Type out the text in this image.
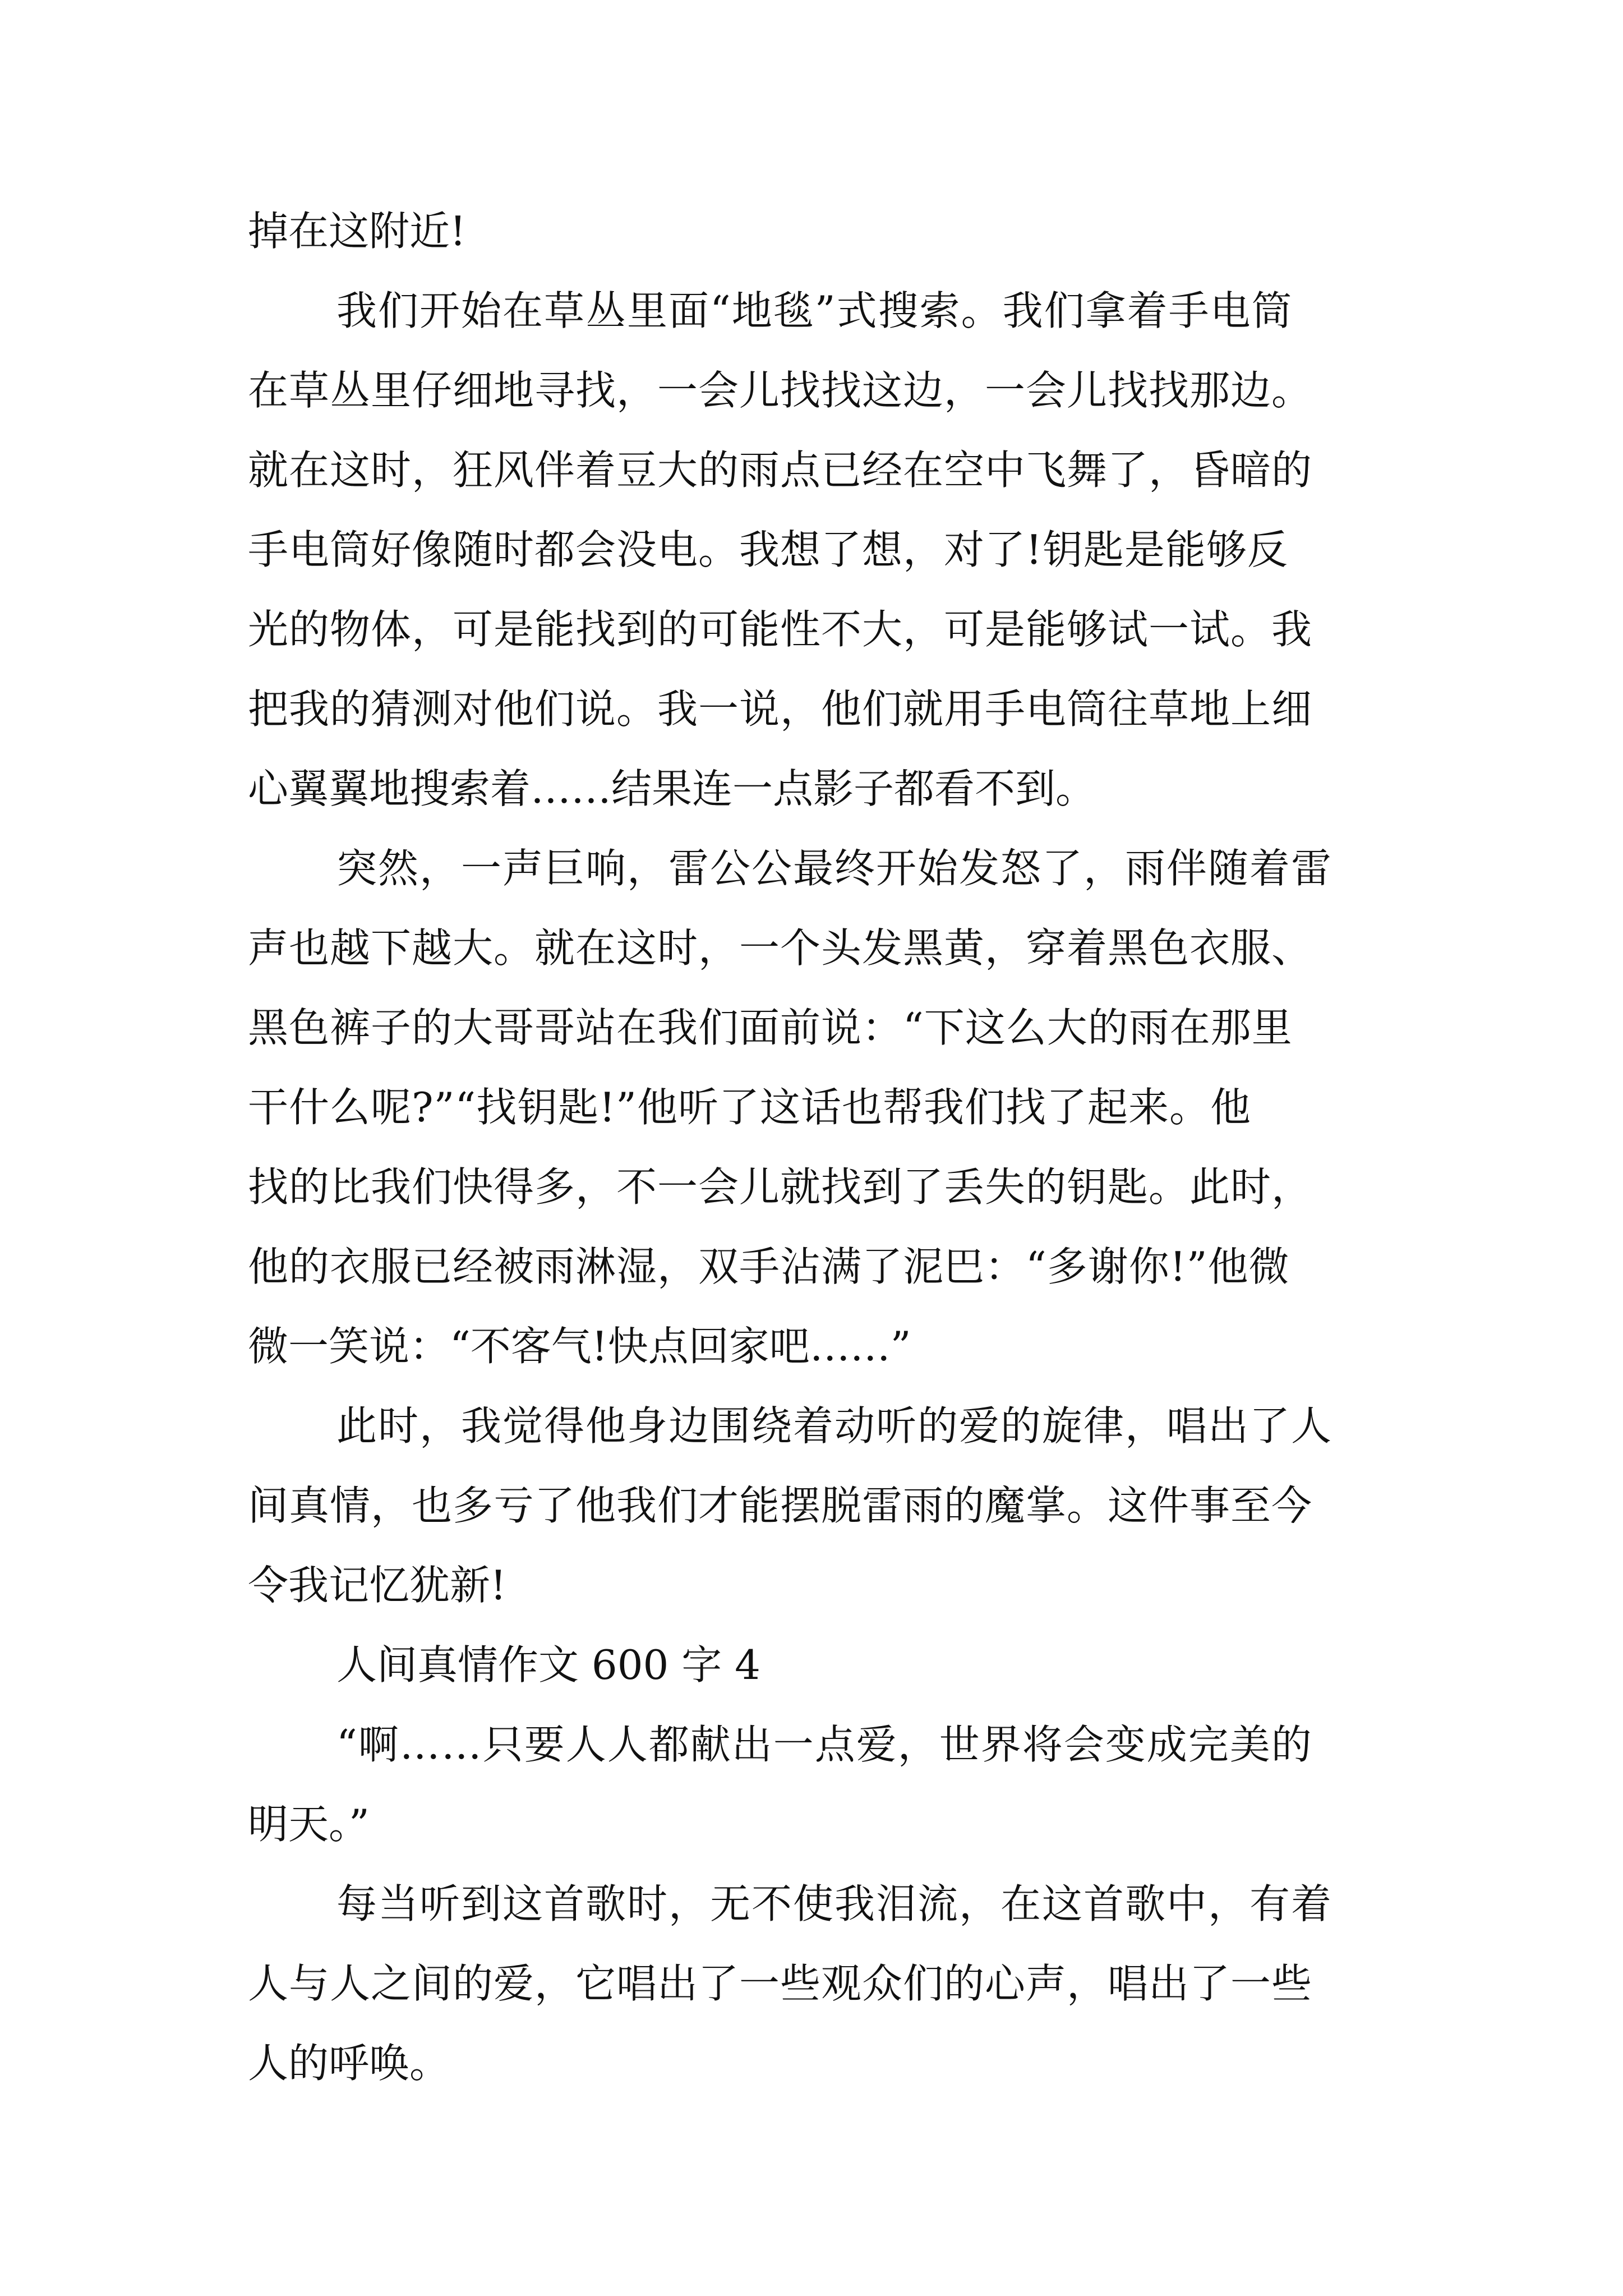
掉在这附近!

我们开始在草丛里面“地毯”式搜索。我们拿着手电筒

在草丛里仔细地寻找，一会儿找找这边，一会儿找找那边。

就在这时，狂风伴着豆大的雨点已经在空中飞舞了，昏暗的

手电筒好像随时都会没电。我想了想，对了!钥匙是能够反

光的物体，可是能找到的可能性不大，可是能够试一试。我

把我的猜测对他们说。我一说，他们就用手电筒往草地上细

心翼翼地搜索着……结果连一点影子都看不到。

突然，一声巨响，雷公公最终开始发怒了，雨伴随着雷

声也越下越大。就在这时，一个头发黑黄，穿着黑色衣服、

黑色裤子的大哥哥站在我们面前说：“下这么大的雨在那里

干什么呢?”“找钥匙!”他听了这话也帮我们找了起来。他

找的比我们快得多，不一会儿就找到了丢失的钥匙。此时，

他的衣服已经被雨淋湿，双手沾满了泥巴：“多谢你!”他微

微一笑说：“不客气!快点回家吧……”

此时，我觉得他身边围绕着动听的爱的旋律，唱出了人

间真情，也多亏了他我们才能摆脱雷雨的魔掌。这件事至今

令我记忆犹新!

人间真情作文 600 字 4

“啊……只要人人都献出一点爱，世界将会变成完美的

明天。”

每当听到这首歌时，无不使我泪流，在这首歌中，有着

人与人之间的爱，它唱出了一些观众们的心声，唱出了一些

人的呼唤。
